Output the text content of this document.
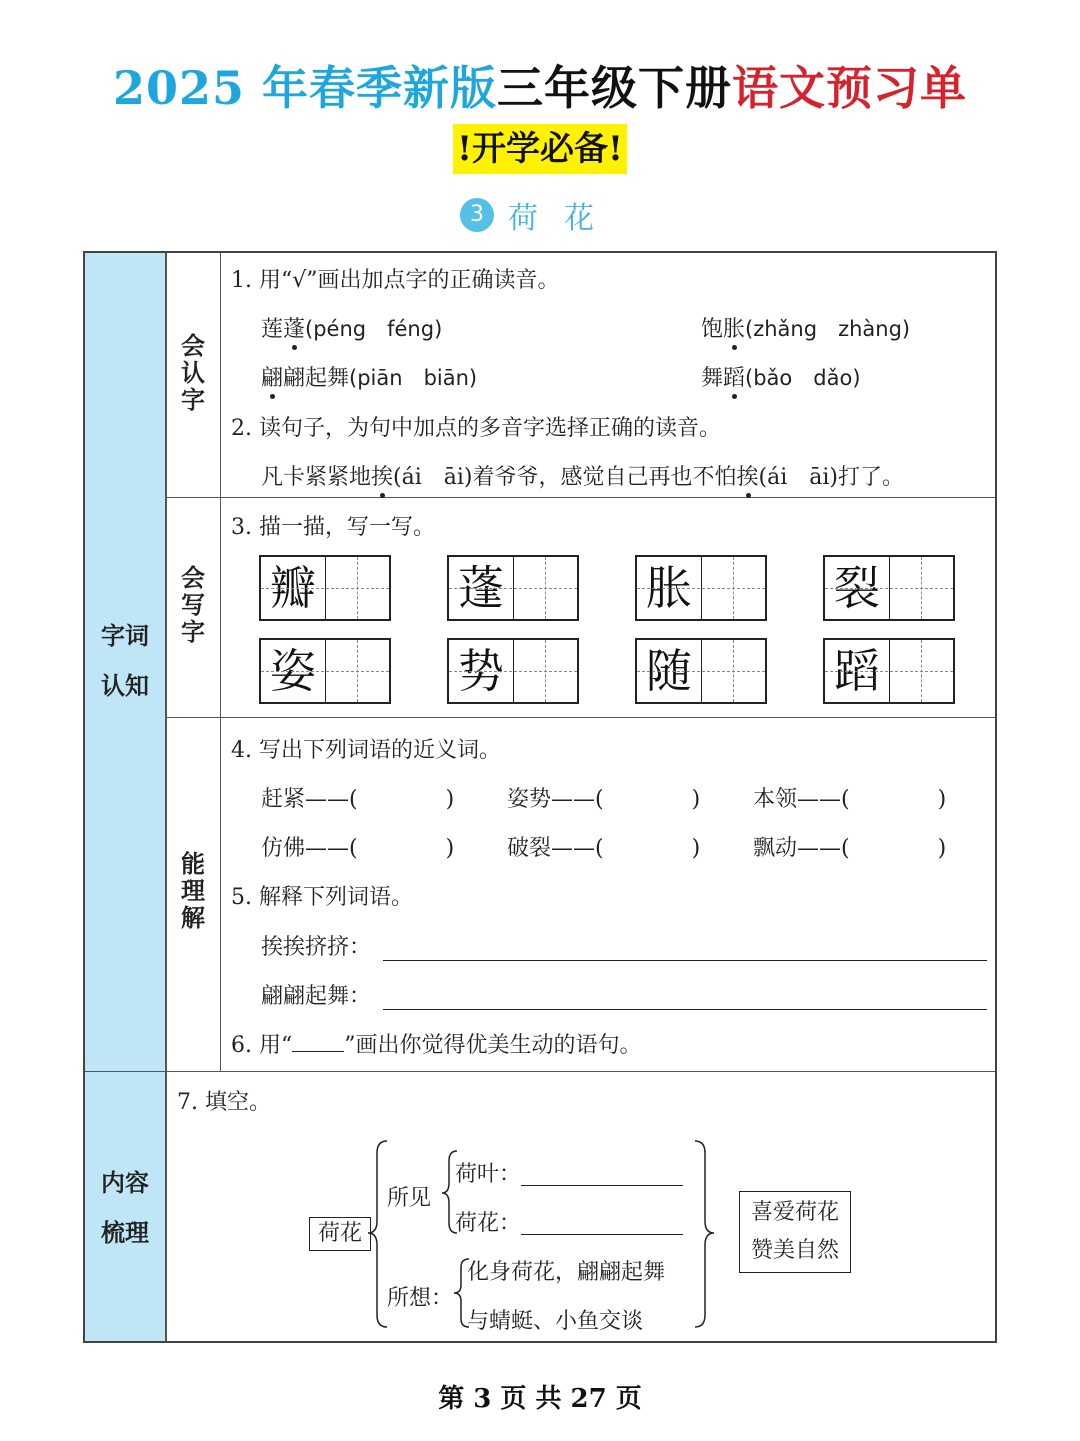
2025 年春季新版三年级下册语文预习单
!开学必备!
3 荷花
字词
认知
内容
梳理
会
认
字
会
写
字
能
理
解
1. 用“√”画出加点字的正确读音。
莲蓬(péng　féng)	饱胀(zhǎng　zhàng)
翩翩起舞(piān　biān)	舞蹈(bǎo　dǎo)
2. 读句子，为句中加点的多音字选择正确的读音。
凡卡紧紧地挨(ái　āi)着爷爷，感觉自己再也不怕挨(ái　āi)打了。
3. 描一描，写一写。
瓣	蓬	胀	裂
姿	势	随	蹈
4. 写出下列词语的近义词。
赶紧——(　　　　) 姿势——(　　　　) 本领——(　　　　)
仿佛——(　　　　) 破裂——(　　　　) 飘动——(　　　　)
5. 解释下列词语。
挨挨挤挤：
翩翩起舞：
6. 用“ ”画出你觉得优美生动的语句。
7. 填空。
荷花
所见
荷叶：
荷花：
所想：
化身荷花，翩翩起舞
与蜻蜓、小鱼交谈
喜爱荷花
赞美自然
第 3 页 共 27 页
